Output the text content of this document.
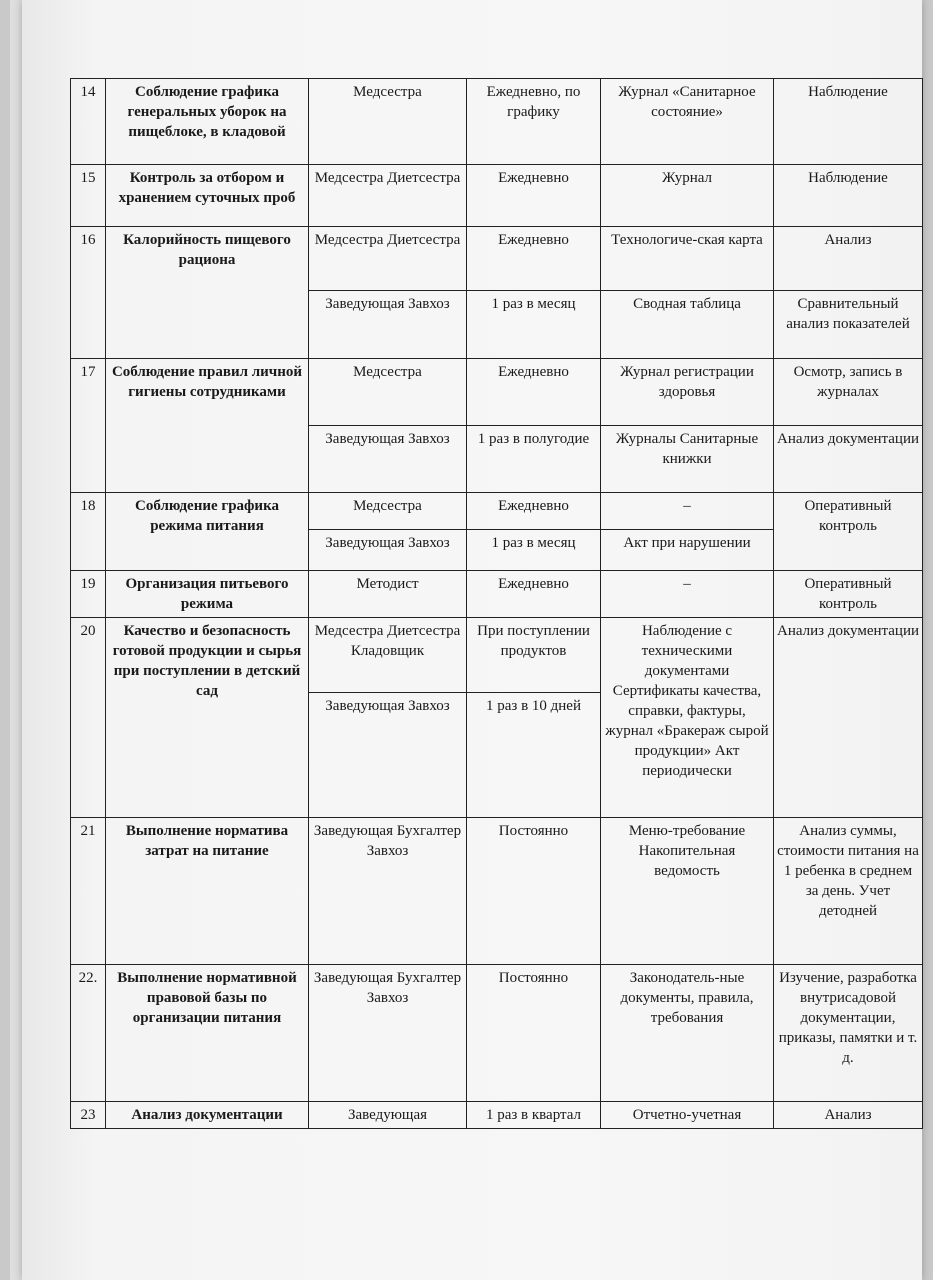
14	Соблюдение графика генеральных уборок на пищеблоке, в кладовой	Медсестра	Ежедневно, по графику	Журнал «Санитарное состояние»	Наблюдение
15	Контроль за отбором и хранением суточных проб	Медсестра Диетсестра	Ежедневно	Журнал	Наблюдение
16	Калорийность пищевого рациона	Медсестра Диетсестра	Ежедневно	Технологиче-ская карта	Анализ
		Заведующая Завхоз	1 раз в месяц	Сводная таблица	Сравнительный анализ показателей
17	Соблюдение правил личной гигиены сотрудниками	Медсестра	Ежедневно	Журнал регистрации здоровья	Осмотр, запись в журналах
		Заведующая Завхоз	1 раз в полугодие	Журналы Санитарные книжки	Анализ документации
18	Соблюдение графика режима питания	Медсестра	Ежедневно	–	Оперативный контроль
		Заведующая Завхоз	1 раз в месяц	Акт при нарушении	
19	Организация питьевого режима	Методист	Ежедневно	–	Оперативный контроль
20	Качество и безопасность готовой продукции и сырья при поступлении в детский сад	Медсестра Диетсестра Кладовщик	При поступлении продуктов	Наблюдение с техническими документами Сертификаты качества, справки, фактуры, журнал «Бракераж сырой продукции» Акт периодически	Анализ документации
		Заведующая Завхоз	1 раз в 10 дней		
21	Выполнение норматива затрат на питание	Заведующая Бухгалтер Завхоз	Постоянно	Меню-требование Накопительная ведомость	Анализ суммы, стоимости питания на 1 ребенка в среднем за день. Учет детодней
22.	Выполнение нормативной правовой базы по организации питания	Заведующая Бухгалтер Завхоз	Постоянно	Законодатель-ные документы, правила, требования	Изучение, разработка внутрисадовой документации, приказы, памятки и т. д.
23	Анализ документации	Заведующая	1 раз в квартал	Отчетно-учетная	Анализ
